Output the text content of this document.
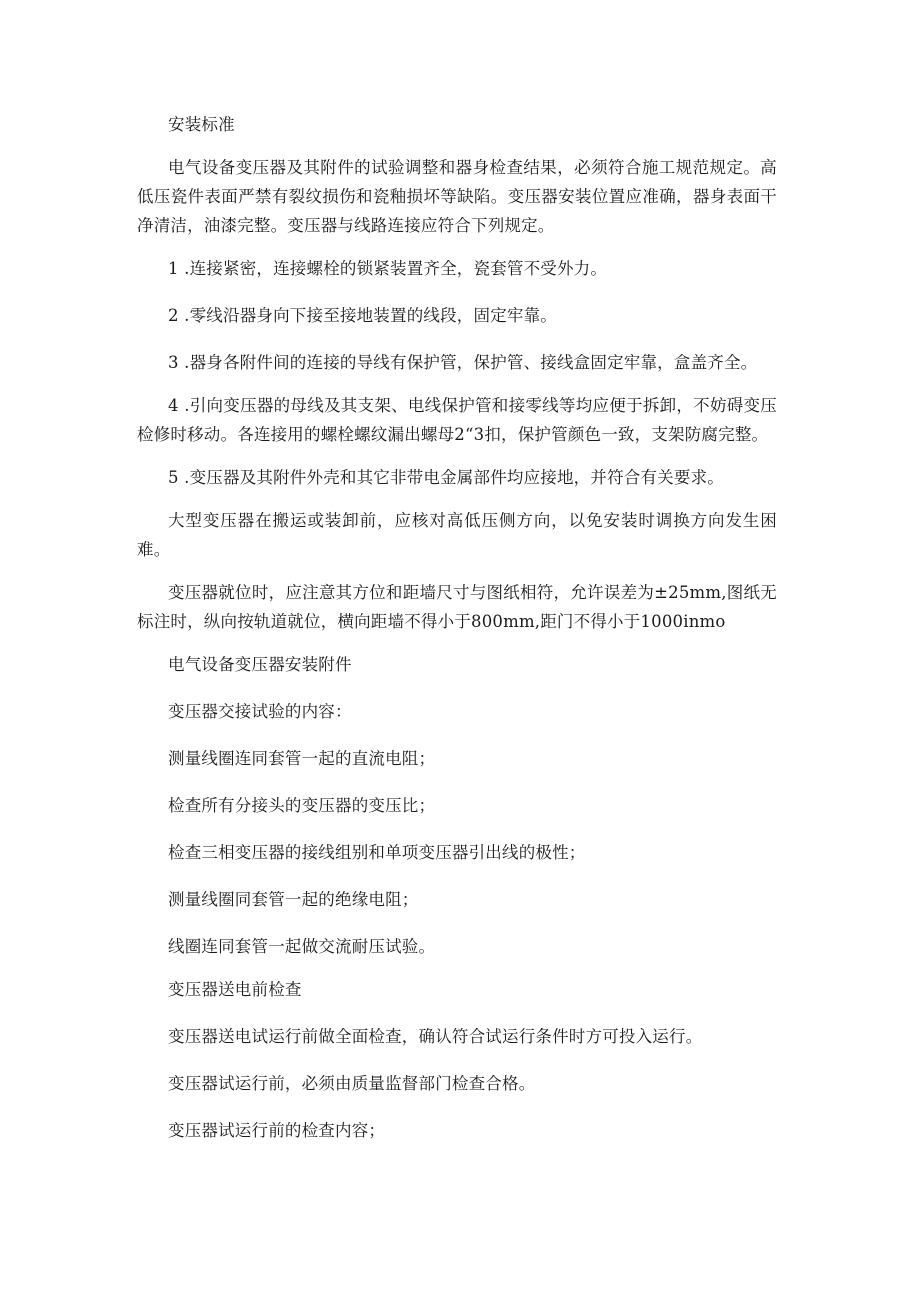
安装标准

电气设备变压器及其附件的试验调整和器身检查结果，必须符合施工规范规定。高低压瓷件表面严禁有裂纹损伤和瓷釉损坏等缺陷。变压器安装位置应准确，器身表面干净清洁，油漆完整。变压器与线路连接应符合下列规定。

1 .连接紧密，连接螺栓的锁紧装置齐全，瓷套管不受外力。

2 .零线沿器身向下接至接地装置的线段，固定牢靠。

3 .器身各附件间的连接的导线有保护管，保护管、接线盒固定牢靠，盒盖齐全。

4 .引向变压器的母线及其支架、电线保护管和接零线等均应便于拆卸，不妨碍变压检修时移动。各连接用的螺栓螺纹漏出螺母2“3扣，保护管颜色一致，支架防腐完整。

5 .变压器及其附件外壳和其它非带电金属部件均应接地，并符合有关要求。

大型变压器在搬运或装卸前，应核对高低压侧方向，以免安装时调换方向发生困难。

变压器就位时，应注意其方位和距墙尺寸与图纸相符，允许误差为±25mm,图纸无标注时，纵向按轨道就位，横向距墙不得小于800mm,距门不得小于1000inmo

电气设备变压器安装附件

变压器交接试验的内容：

测量线圈连同套管一起的直流电阻；

检查所有分接头的变压器的变压比；

检查三相变压器的接线组别和单项变压器引出线的极性；

测量线圈同套管一起的绝缘电阻；

线圈连同套管一起做交流耐压试验。

变压器送电前检查

变压器送电试运行前做全面检查，确认符合试运行条件时方可投入运行。

变压器试运行前，必须由质量监督部门检查合格。

变压器试运行前的检查内容；
